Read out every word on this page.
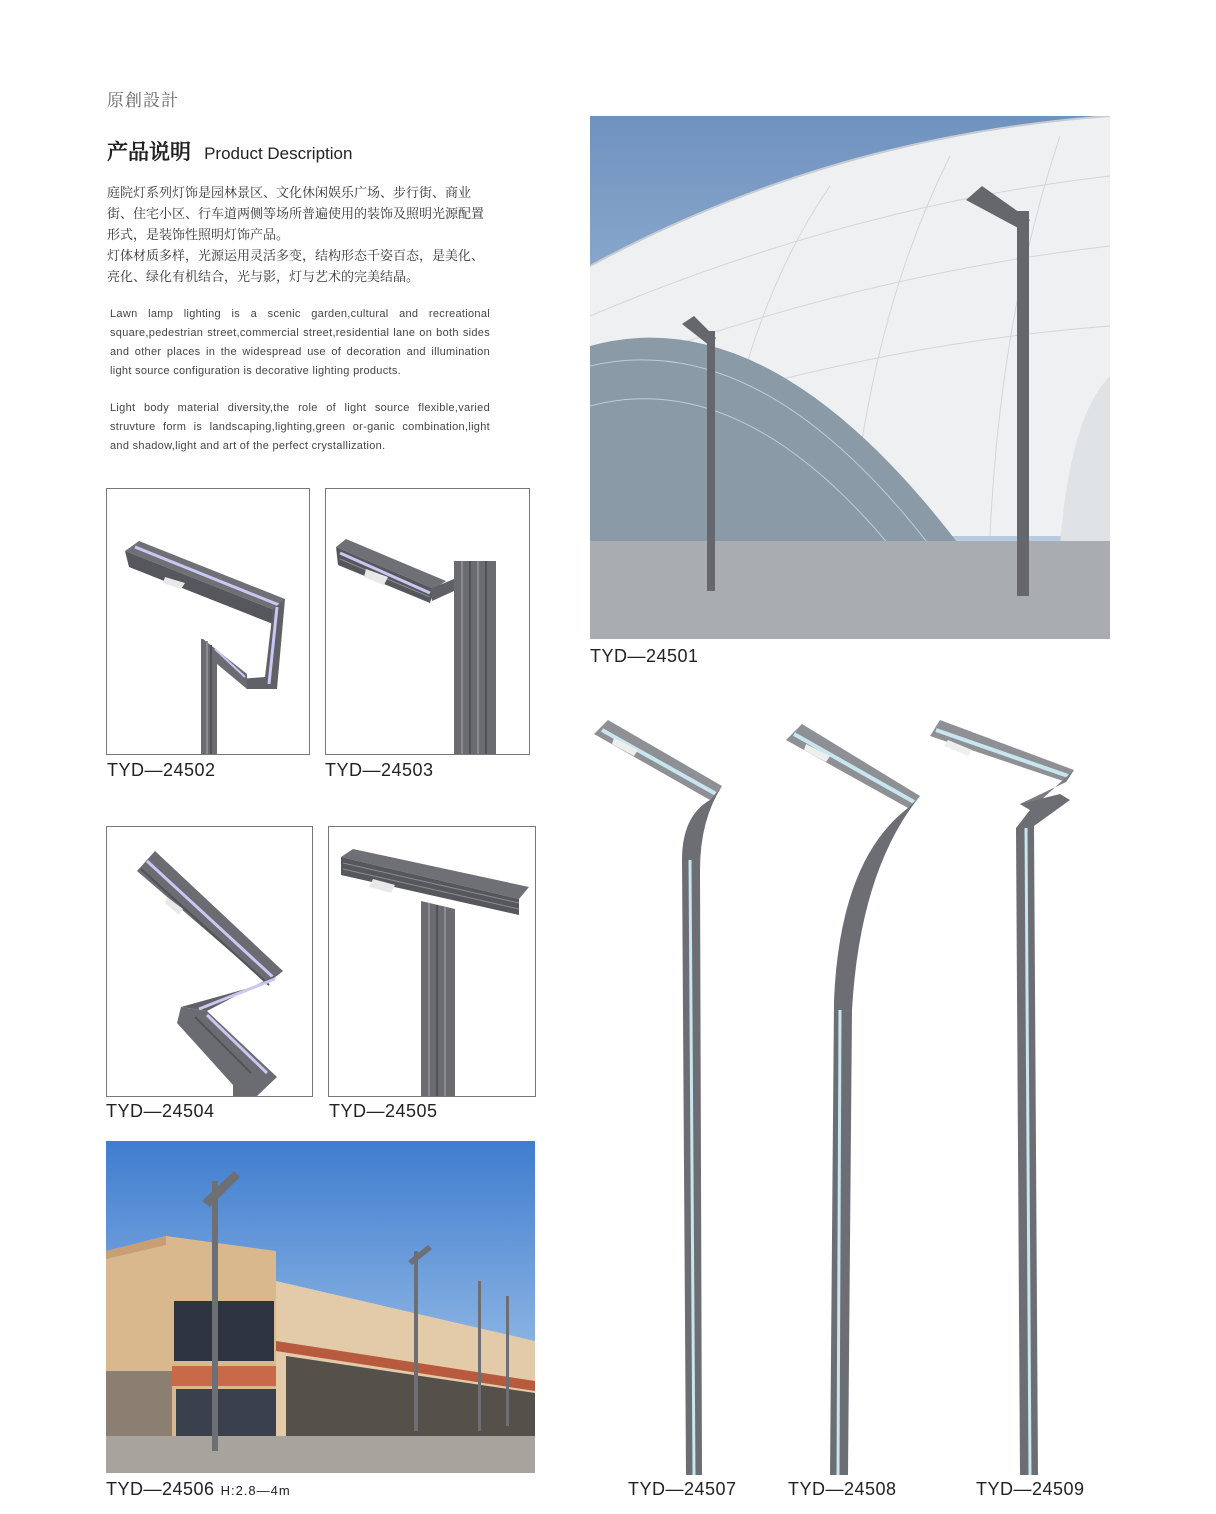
原創設計
产品说明 Product Description
庭院灯系列灯饰是园林景区、文化休闲娱乐广场、步行街、商业街、住宅小区、行车道两侧等场所普遍使用的装饰及照明光源配置形式，是装饰性照明灯饰产品。
灯体材质多样，光源运用灵活多变，结构形态千姿百态，是美化、亮化、绿化有机结合，光与影，灯与艺术的完美结晶。
Lawn lamp lighting is a scenic garden,cultural and recreational square,pedestrian street,commercial street,residential lane on both sides and other places in the widespread use of decoration and illumination light source configuration is decorative lighting products.
Light body material diversity,the role of light source flexible,varied struvture form is landscaping,lighting,green or-ganic combination,light and shadow,light and art of the perfect crystallization.
TYD—24502	TYD—24503
TYD—24504	TYD—24505
TYD—24506 H:2.8—4m
TYD—24501
TYD—24507	TYD—24508	TYD—24509
